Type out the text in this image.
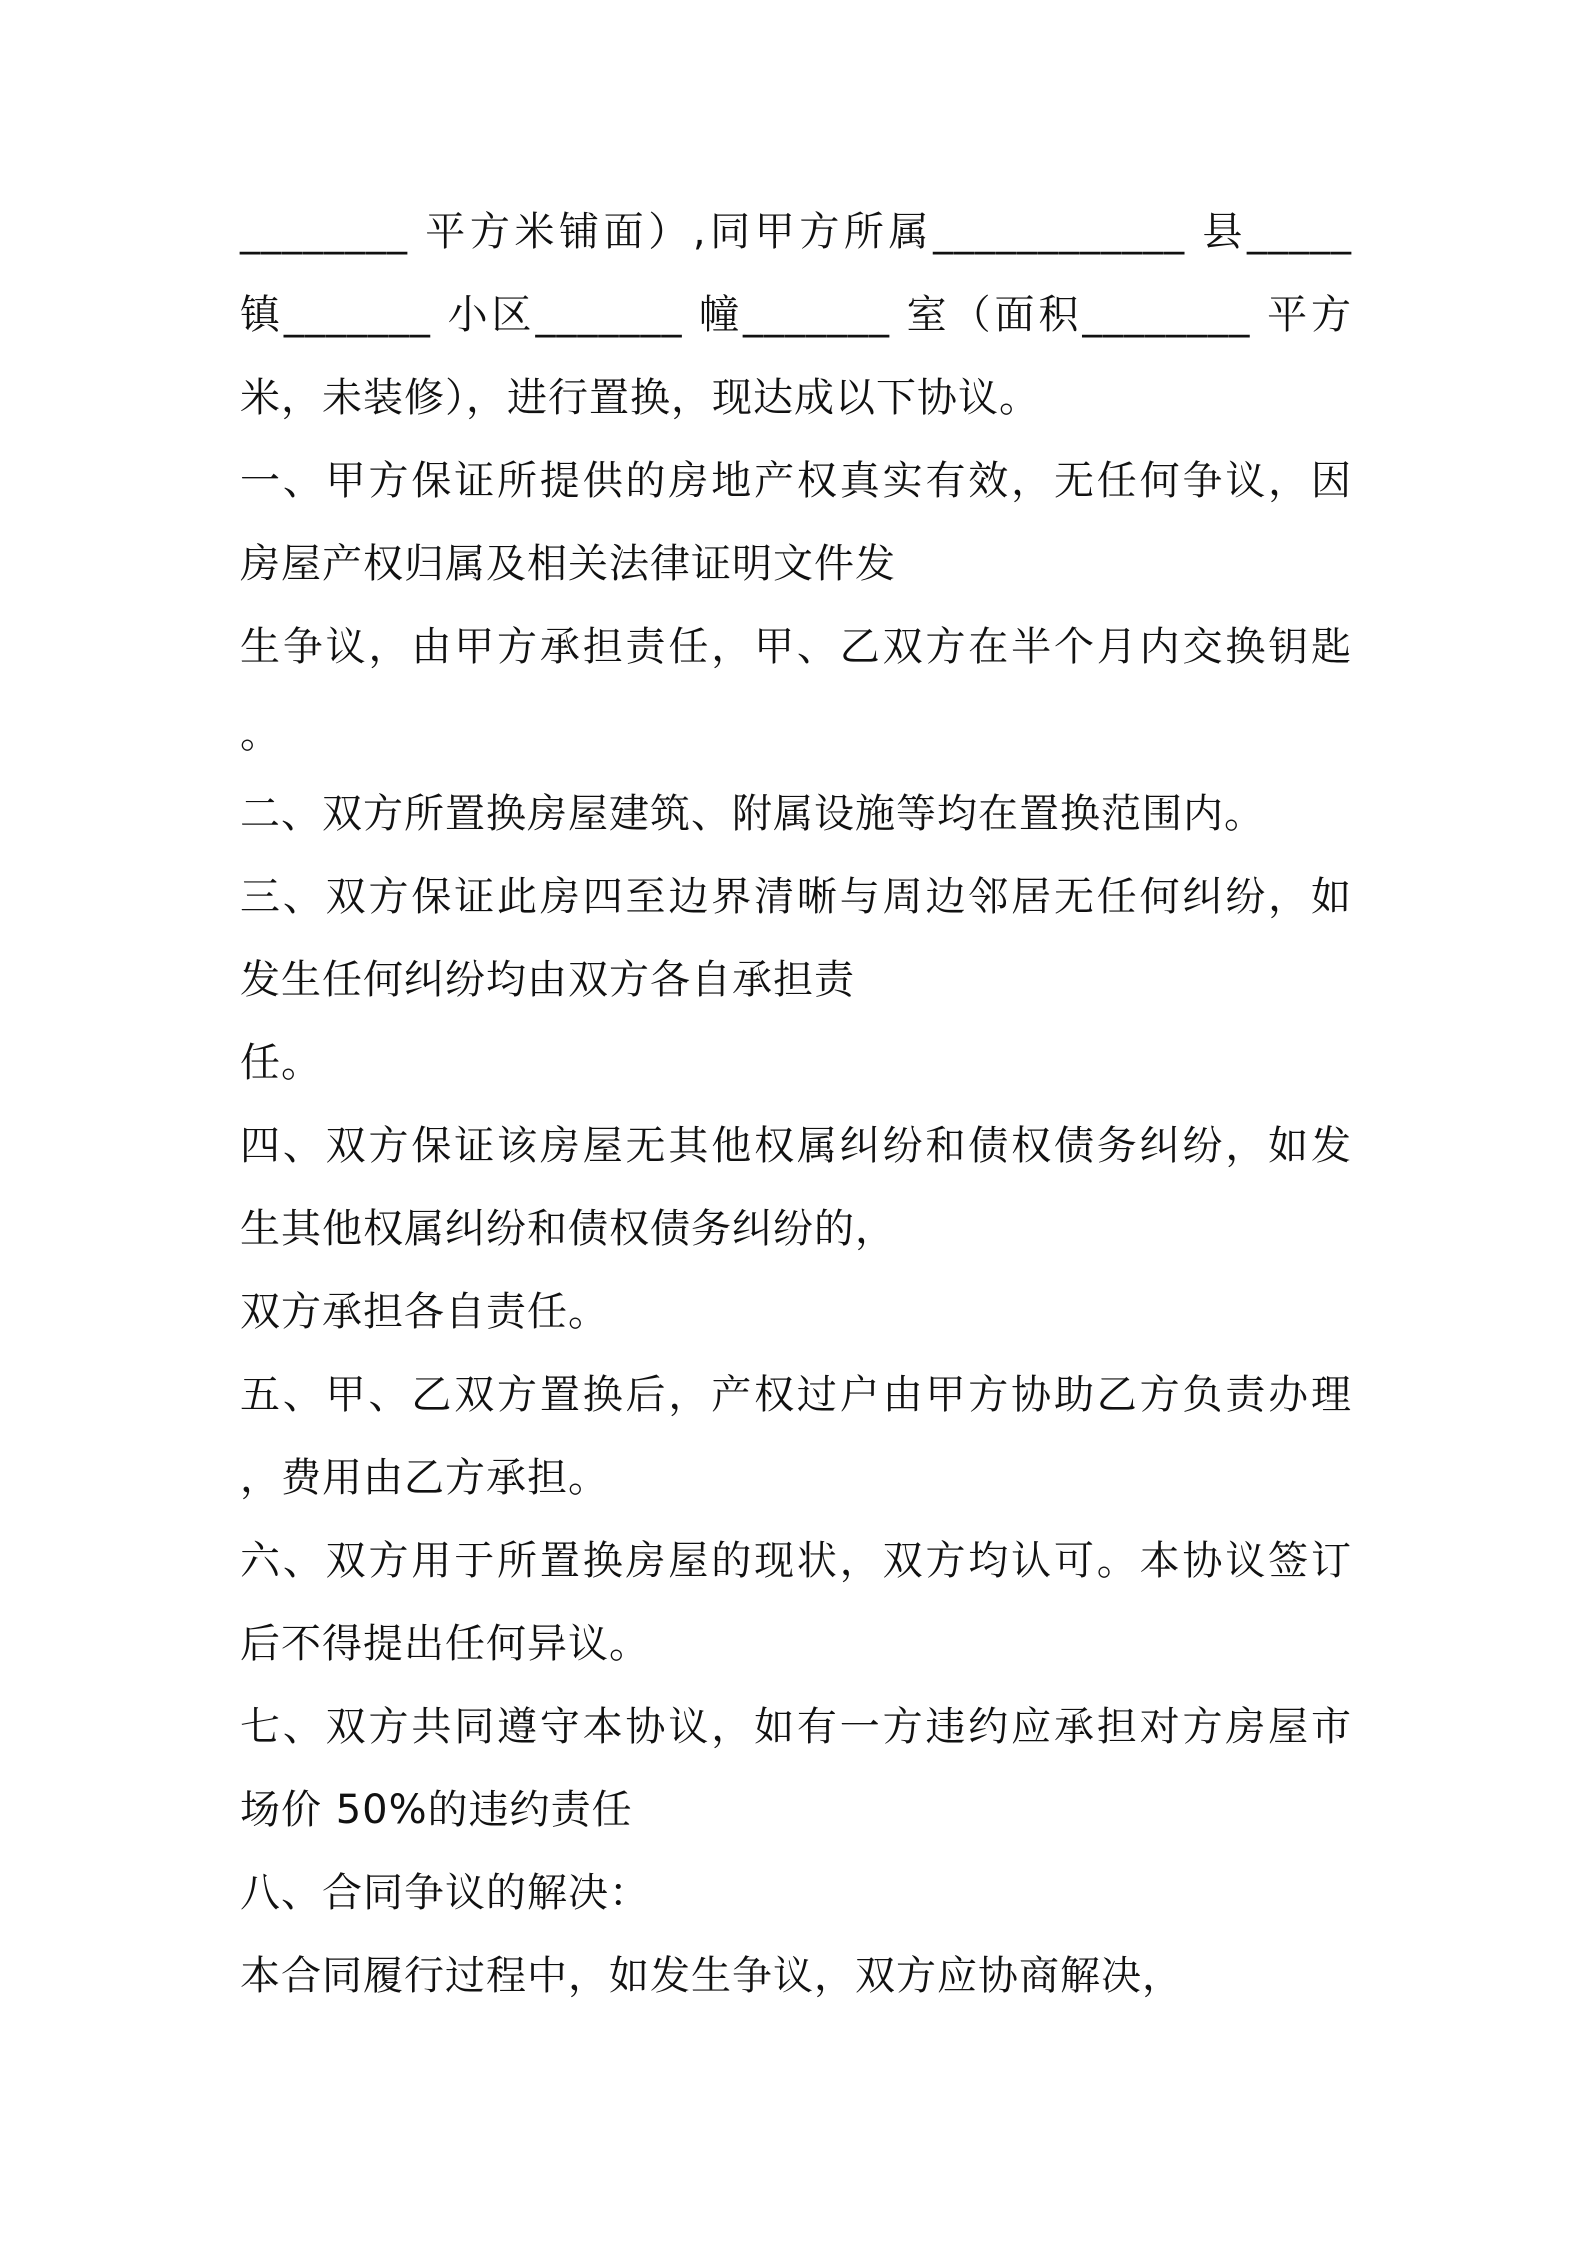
________ 平方米铺面）,同甲方所属____________ 县_____
镇_______ 小区_______ 幢_______ 室（面积________ 平方
米，未装修），进行置换，现达成以下协议。
一、甲方保证所提供的房地产权真实有效，无任何争议，因
房屋产权归属及相关法律证明文件发
生争议，由甲方承担责任，甲、乙双方在半个月内交换钥匙
。
二、双方所置换房屋建筑、附属设施等均在置换范围内。
三、双方保证此房四至边界清晰与周边邻居无任何纠纷，如
发生任何纠纷均由双方各自承担责
任。
四、双方保证该房屋无其他权属纠纷和债权债务纠纷，如发
生其他权属纠纷和债权债务纠纷的，
双方承担各自责任。
五、甲、乙双方置换后，产权过户由甲方协助乙方负责办理
，费用由乙方承担。
六、双方用于所置换房屋的现状，双方均认可。本协议签订
后不得提出任何异议。
七、双方共同遵守本协议，如有一方违约应承担对方房屋市
场价 50%的违约责任
八、合同争议的解决：
本合同履行过程中，如发生争议，双方应协商解决，
